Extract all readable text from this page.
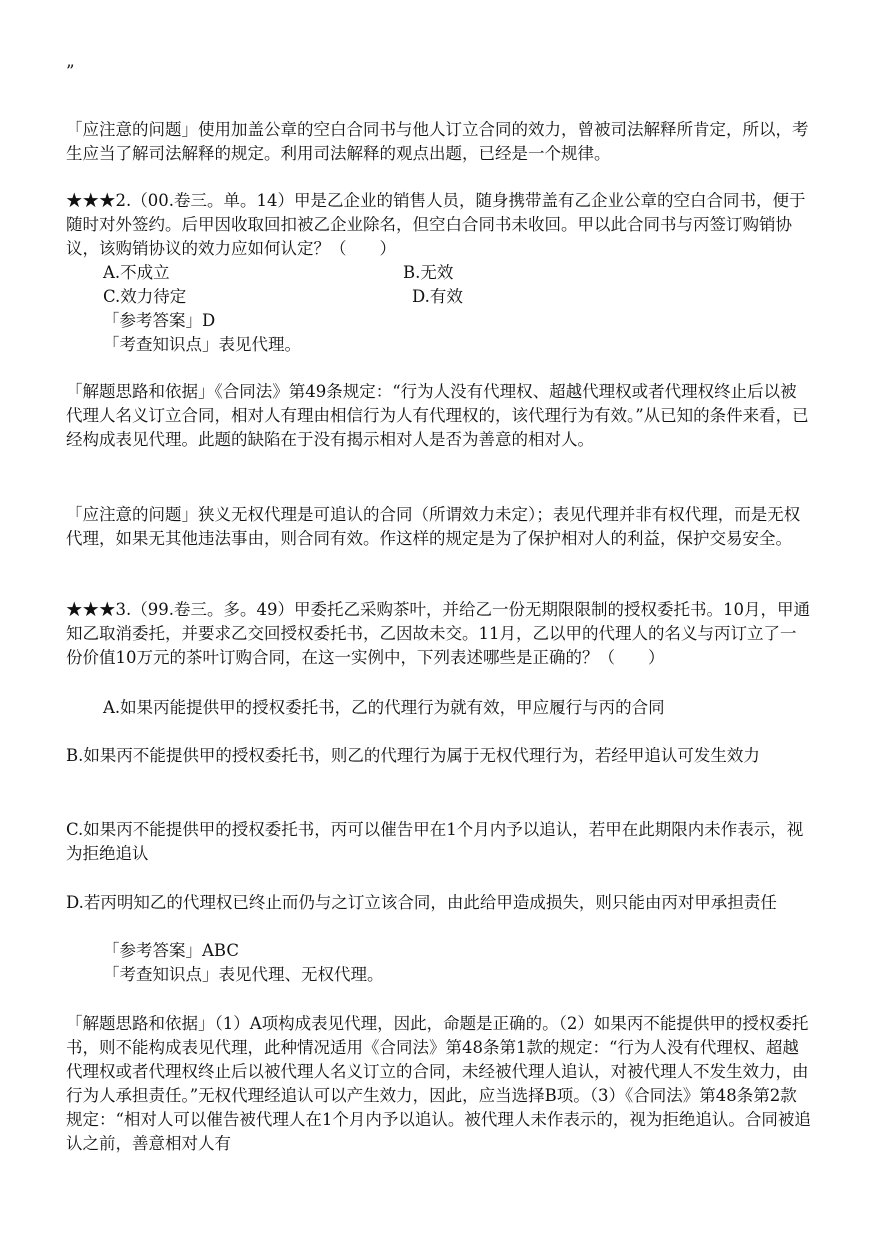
”

「应注意的问题」使用加盖公章的空白合同书与他人订立合同的效力，曾被司法解释所肯定，所以，考生应当了解司法解释的规定。利用司法解释的观点出题，已经是一个规律。

★★★2.（00.卷三。单。14）甲是乙企业的销售人员，随身携带盖有乙企业公章的空白合同书，便于随时对外签约。后甲因收取回扣被乙企业除名，但空白合同书未收回。甲以此合同书与丙签订购销协议，该购销协议的效力应如何认定？（　　）

A.不成立	B.无效

C.效力待定	D.有效

「参考答案」D

「考查知识点」表见代理。

「解题思路和依据」《合同法》第49条规定：“行为人没有代理权、超越代理权或者代理权终止后以被代理人名义订立合同，相对人有理由相信行为人有代理权的，该代理行为有效。”从已知的条件来看，已经构成表见代理。此题的缺陷在于没有揭示相对人是否为善意的相对人。

「应注意的问题」狭义无权代理是可追认的合同（所谓效力未定）；表见代理并非有权代理，而是无权代理，如果无其他违法事由，则合同有效。作这样的规定是为了保护相对人的利益，保护交易安全。

★★★3.（99.卷三。多。49）甲委托乙采购茶叶，并给乙一份无期限限制的授权委托书。10月，甲通知乙取消委托，并要求乙交回授权委托书，乙因故未交。11月，乙以甲的代理人的名义与丙订立了一份价值10万元的茶叶订购合同，在这一实例中，下列表述哪些是正确的？（　　）

A.如果丙能提供甲的授权委托书，乙的代理行为就有效，甲应履行与丙的合同

B.如果丙不能提供甲的授权委托书，则乙的代理行为属于无权代理行为，若经甲追认可发生效力

C.如果丙不能提供甲的授权委托书，丙可以催告甲在1个月内予以追认，若甲在此期限内未作表示，视为拒绝追认

D.若丙明知乙的代理权已终止而仍与之订立该合同，由此给甲造成损失，则只能由丙对甲承担责任

「参考答案」ABC

「考查知识点」表见代理、无权代理。

「解题思路和依据」（1）A项构成表见代理，因此，命题是正确的。（2）如果丙不能提供甲的授权委托书，则不能构成表见代理，此种情况适用《合同法》第48条第1款的规定：“行为人没有代理权、超越代理权或者代理权终止后以被代理人名义订立的合同，未经被代理人追认，对被代理人不发生效力，由行为人承担责任。”无权代理经追认可以产生效力，因此，应当选择B项。（3）《合同法》第48条第2款规定：“相对人可以催告被代理人在1个月内予以追认。被代理人未作表示的，视为拒绝追认。合同被追认之前，善意相对人有
